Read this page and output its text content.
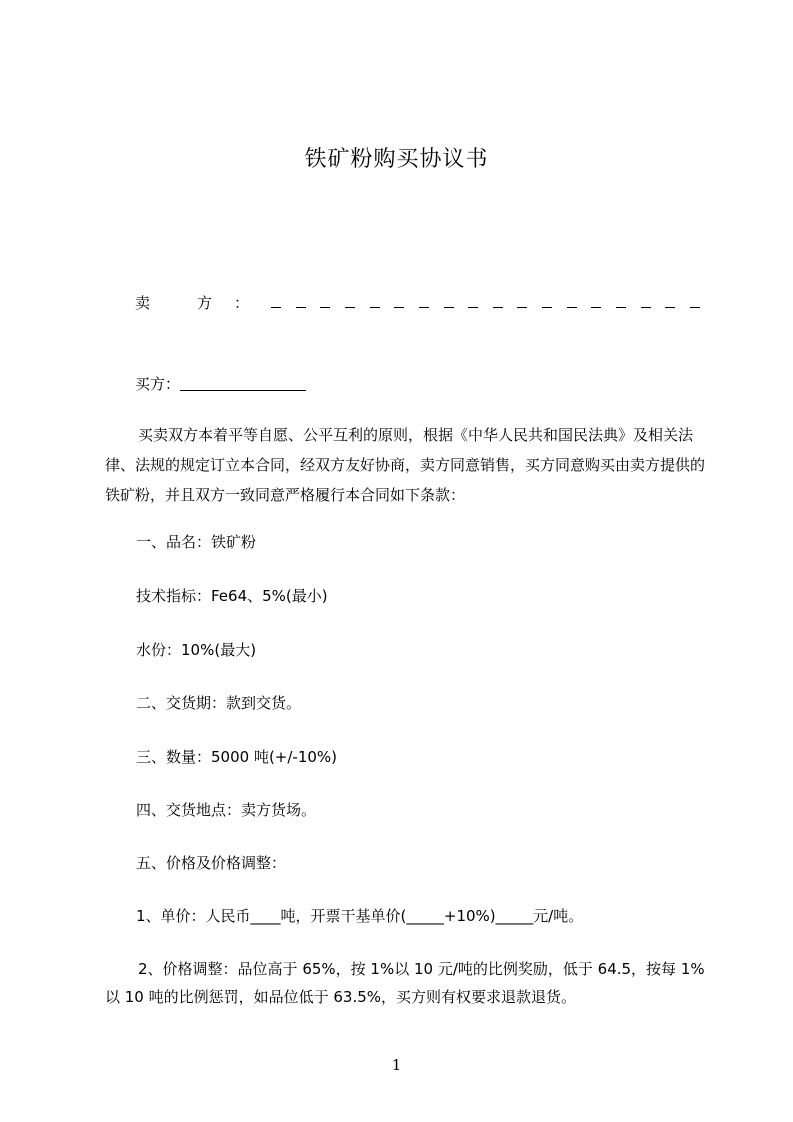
铁矿粉购买协议书
卖　方 ：
买方：
买卖双方本着平等自愿、公平互利的原则，根据《中华人民共和国民法典》及相关法律、法规的规定订立本合同，经双方友好协商，卖方同意销售，买方同意购买由卖方提供的铁矿粉，并且双方一致同意严格履行本合同如下条款：
一、品名：铁矿粉
技术指标：Fe64、5%(最小)
水份：10%(最大)
二、交货期：款到交货。
三、数量：5000 吨(+/-10%)
四、交货地点：卖方货场。
五、价格及价格调整：
1、单价：人民币____吨，开票干基单价(_____+10%)_____元/吨。
2、价格调整：品位高于 65%，按 1%以 10 元/吨的比例奖励，低于 64.5，按每 1%以 10 吨的比例惩罚，如品位低于 63.5%，买方则有权要求退款退货。
1
